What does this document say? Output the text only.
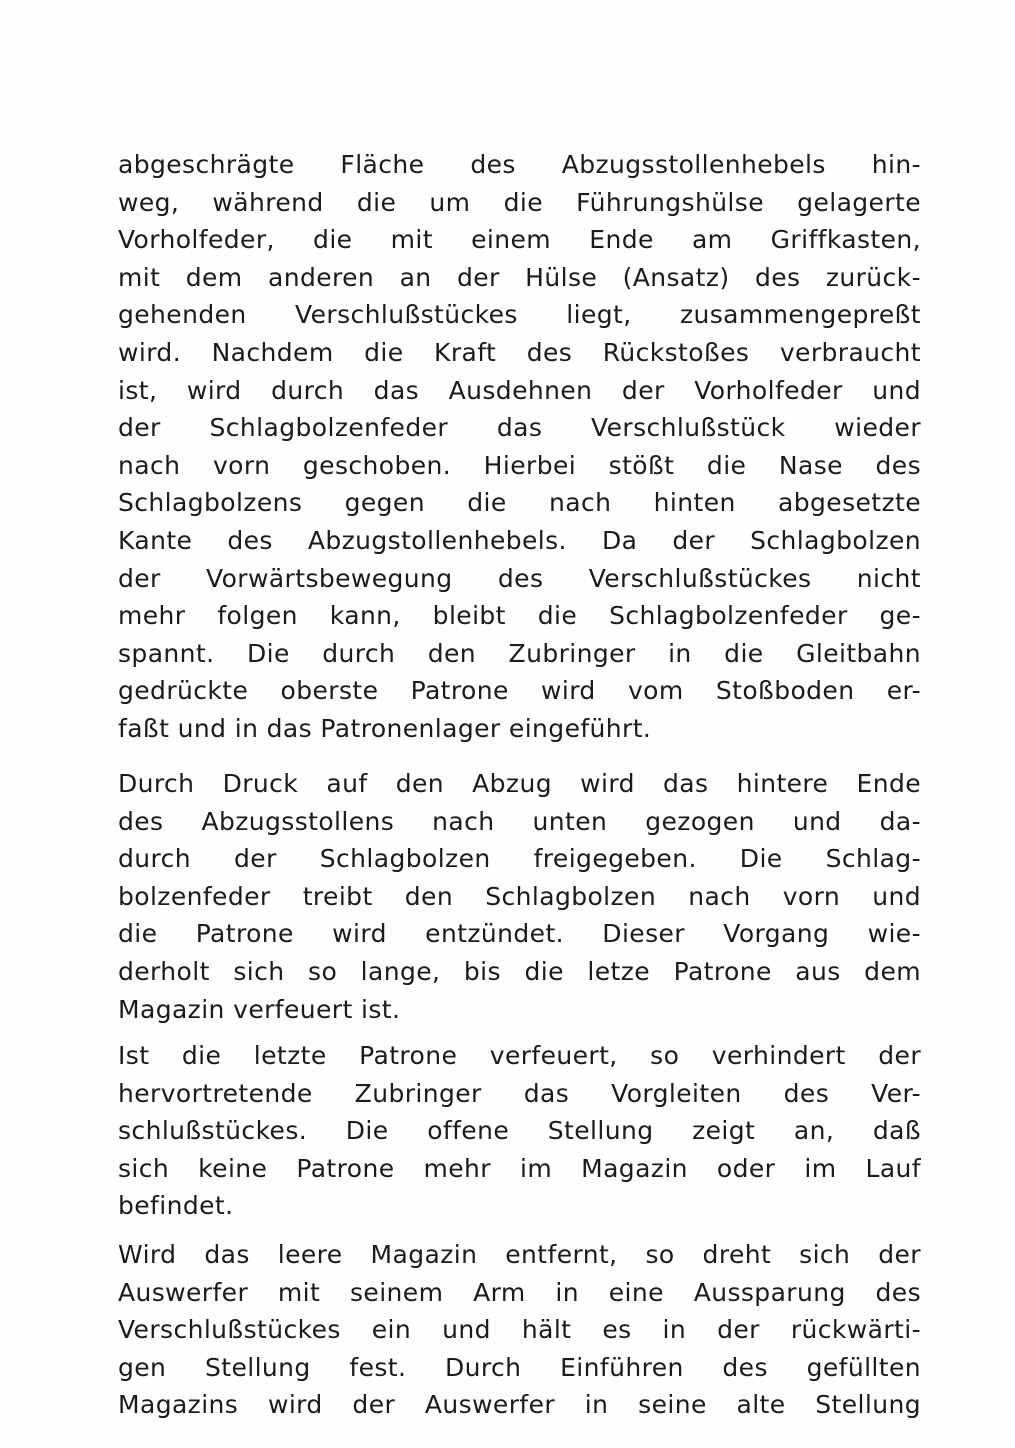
abgeschrägte Fläche des Abzugsstollenhebels hin-
weg, während die um die Führungshülse gelagerte
Vorholfeder, die mit einem Ende am Griffkasten,
mit dem anderen an der Hülse (Ansatz) des zurück-
gehenden Verschlußstückes liegt, zusammengepreßt
wird. Nachdem die Kraft des Rückstoßes verbraucht
ist, wird durch das Ausdehnen der Vorholfeder und
der Schlagbolzenfeder das Verschlußstück wieder
nach vorn geschoben. Hierbei stößt die Nase des
Schlagbolzens gegen die nach hinten abgesetzte
Kante des Abzugstollenhebels. Da der Schlagbolzen
der Vorwärtsbewegung des Verschlußstückes nicht
mehr folgen kann, bleibt die Schlagbolzenfeder ge-
spannt. Die durch den Zubringer in die Gleitbahn
gedrückte oberste Patrone wird vom Stoßboden er-
faßt und in das Patronenlager eingeführt.
Durch Druck auf den Abzug wird das hintere Ende
des Abzugsstollens nach unten gezogen und da-
durch der Schlagbolzen freigegeben. Die Schlag-
bolzenfeder treibt den Schlagbolzen nach vorn und
die Patrone wird entzündet. Dieser Vorgang wie-
derholt sich so lange, bis die letze Patrone aus dem
Magazin verfeuert ist.
Ist die letzte Patrone verfeuert, so verhindert der
hervortretende Zubringer das Vorgleiten des Ver-
schlußstückes. Die offene Stellung zeigt an, daß
sich keine Patrone mehr im Magazin oder im Lauf
befindet.
Wird das leere Magazin entfernt, so dreht sich der
Auswerfer mit seinem Arm in eine Aussparung des
Verschlußstückes ein und hält es in der rückwärti-
gen Stellung fest. Durch Einführen des gefüllten
Magazins wird der Auswerfer in seine alte Stellung
